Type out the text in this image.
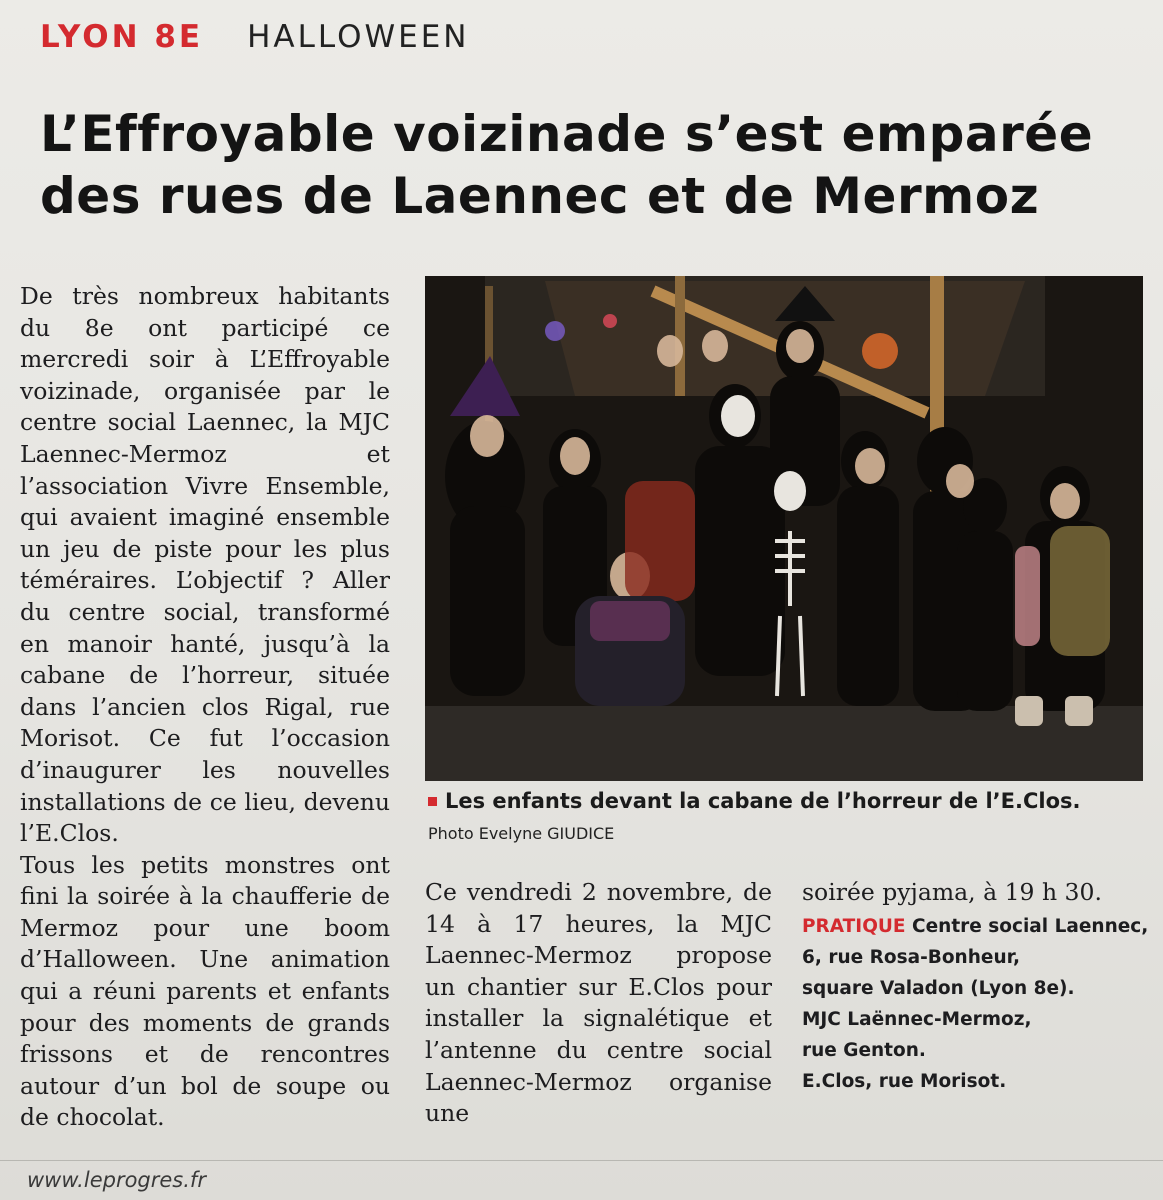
LYON 8E HALLOWEEN
L’Effroyable voizinade s’est emparée des rues de Laennec et de Mermoz

De très nombreux habitants du 8e ont participé ce mercredi soir à L’Effroyable voizinade, organisée par le centre social Laennec, la MJC Laennec-Mermoz et l’association Vivre Ensemble, qui avaient imaginé ensemble un jeu de piste pour les plus téméraires. L’objectif ? Aller du centre social, transformé en manoir hanté, jusqu’à la cabane de l’horreur, située dans l’ancien clos Rigal, rue Morisot. Ce fut l’occasion d’inaugurer les nouvelles installations de ce lieu, devenu l’E.Clos.

Tous les petits monstres ont fini la soirée à la chaufferie de Mermoz pour une boom d’Halloween. Une animation qui a réuni parents et enfants pour des moments de grands frissons et de rencontres autour d’un bol de soupe ou de chocolat.

Les enfants devant la cabane de l’horreur de l’E.Clos.
Photo Evelyne GIUDICE

Ce vendredi 2 novembre, de 14 à 17 heures, la MJC Laennec-Mermoz propose un chantier sur E.Clos pour installer la signalétique et l’antenne du centre social Laennec-Mermoz organise une

soirée pyjama, à 19 h 30.

PRATIQUE Centre social Laennec,
6, rue Rosa-Bonheur,
square Valadon (Lyon 8e).
MJC Laënnec-Mermoz,
rue Genton.
E.Clos, rue Morisot.
www.leprogres.fr
